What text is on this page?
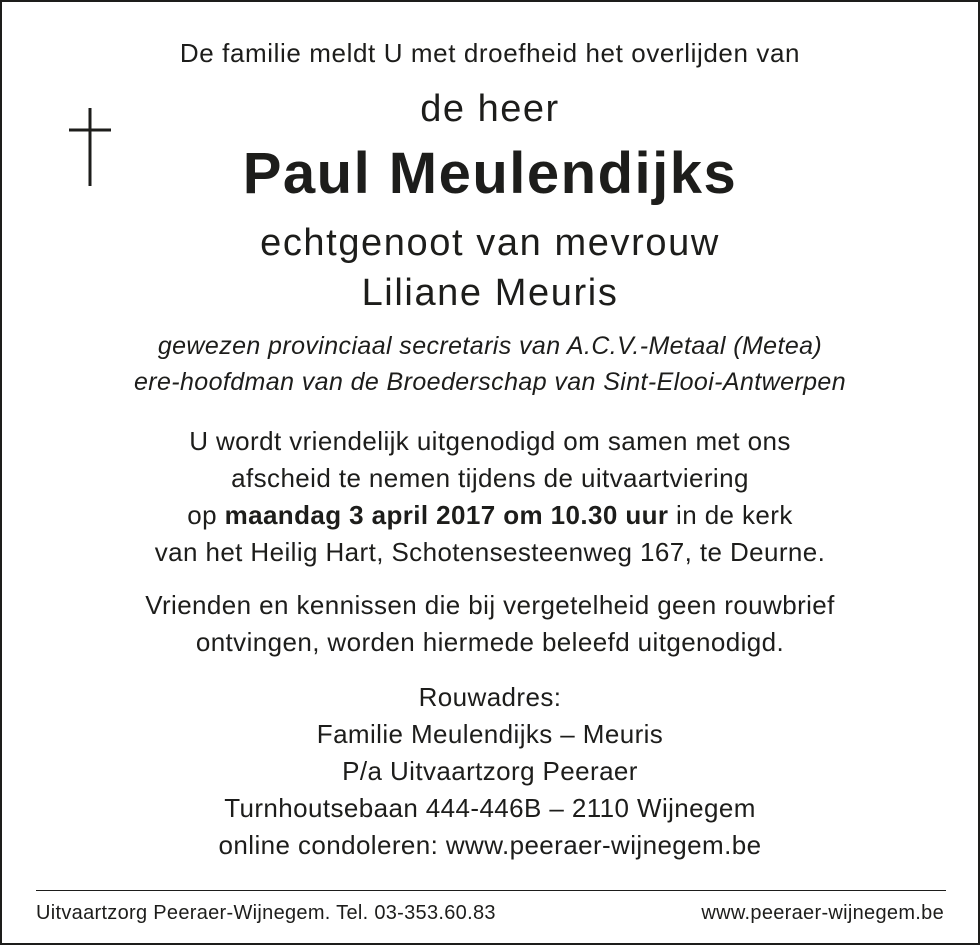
De familie meldt U met droefheid het overlijden van
de heer
Paul Meulendijks
echtgenoot van mevrouw
Liliane Meuris
gewezen provinciaal secretaris van A.C.V.-Metaal (Metea)
ere-hoofdman van de Broederschap van Sint-Elooi-Antwerpen
U wordt vriendelijk uitgenodigd om samen met ons
afscheid te nemen tijdens de uitvaartviering
op maandag 3 april 2017 om 10.30 uur in de kerk
van het Heilig Hart, Schotensesteenweg 167, te Deurne.
Vrienden en kennissen die bij vergetelheid geen rouwbrief
ontvingen, worden hiermede beleefd uitgenodigd.
Rouwadres:
Familie Meulendijks – Meuris
P/a Uitvaartzorg Peeraer
Turnhoutsebaan 444-446B – 2110 Wijnegem
online condoleren: www.peeraer-wijnegem.be
Uitvaartzorg Peeraer-Wijnegem. Tel. 03-353.60.83	www.peeraer-wijnegem.be
